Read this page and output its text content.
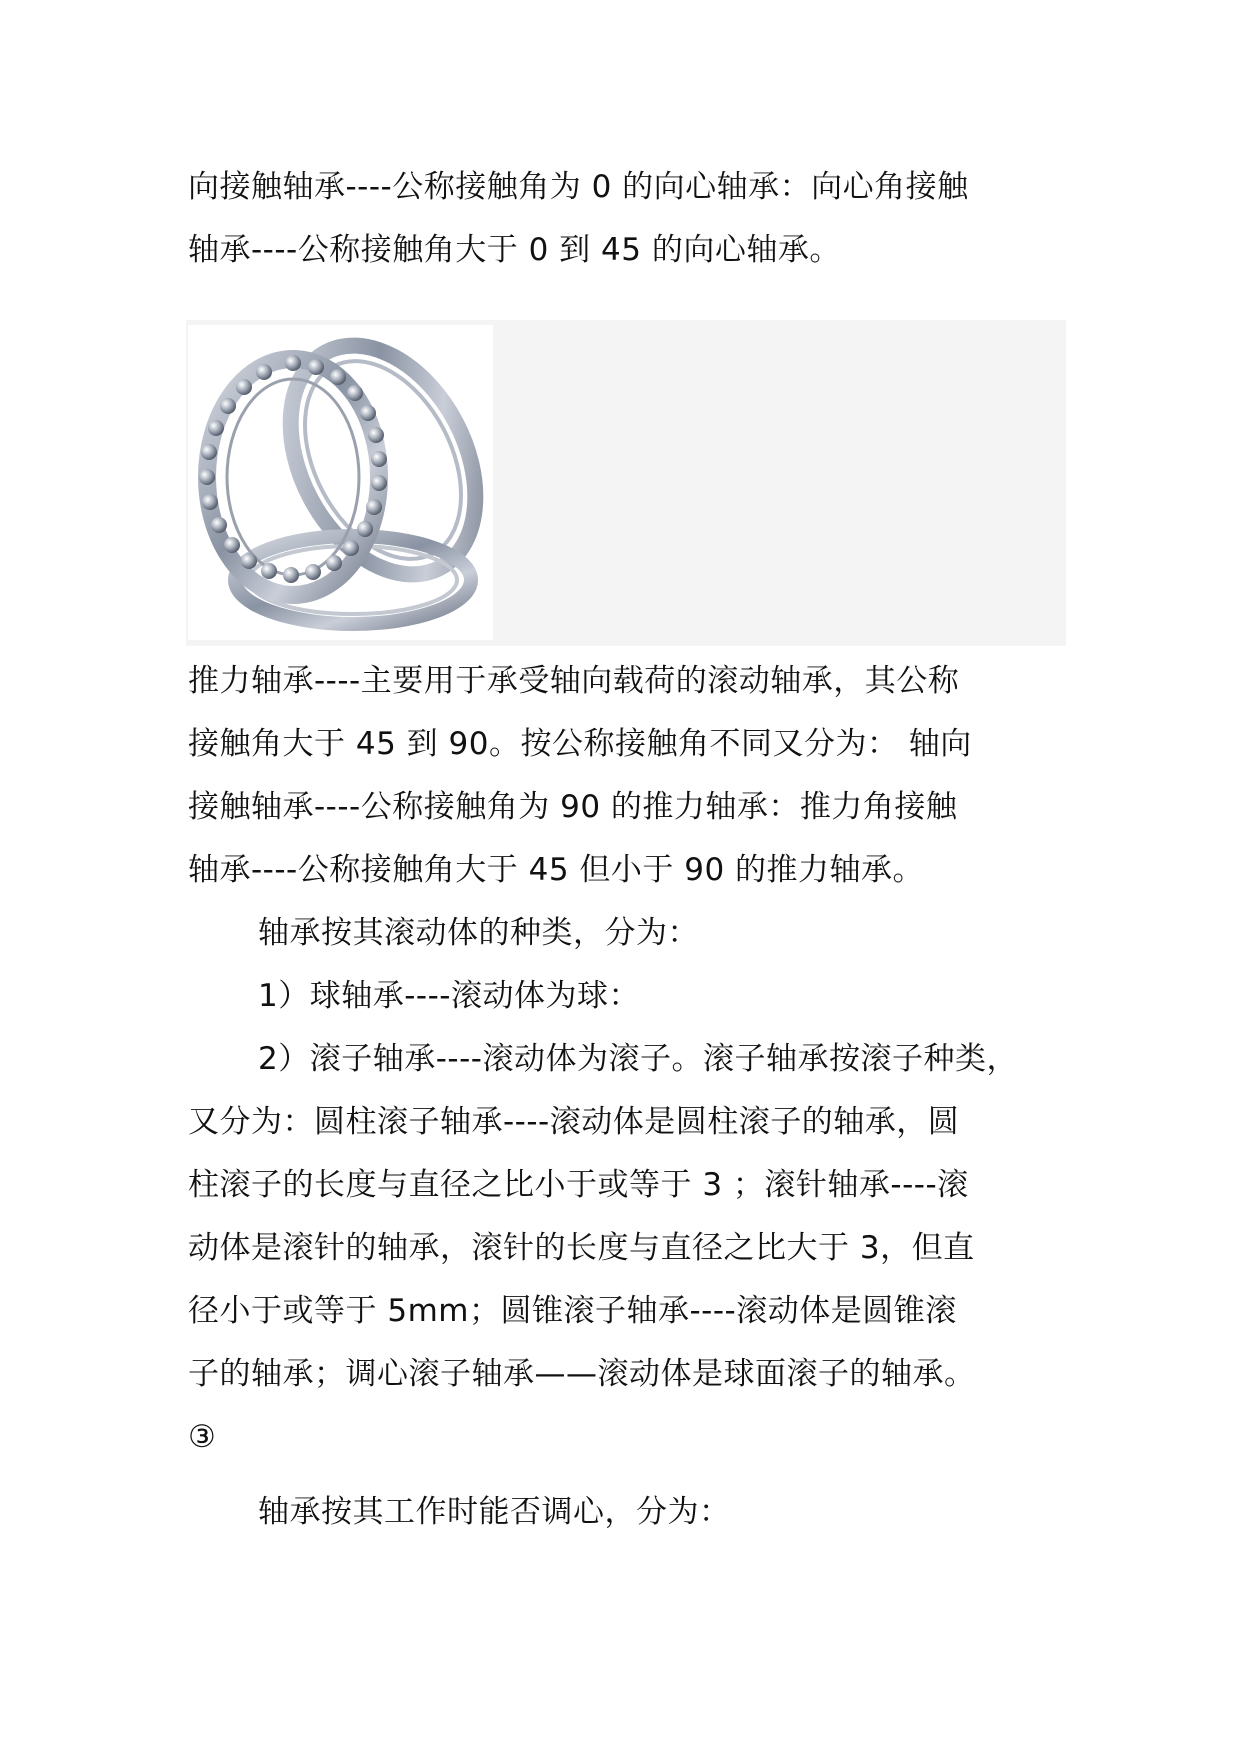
向接触轴承----公称接触角为 0 的向心轴承：向心角接触
轴承----公称接触角大于 0 到 45 的向心轴承。
推力轴承----主要用于承受轴向载荷的滚动轴承，其公称
接触角大于 45 到 90。按公称接触角不同又分为： 轴向
接触轴承----公称接触角为 90 的推力轴承：推力角接触
轴承----公称接触角大于 45 但小于 90 的推力轴承。
轴承按其滚动体的种类，分为：
1）球轴承----滚动体为球：
2）滚子轴承----滚动体为滚子。滚子轴承按滚子种类，
又分为：圆柱滚子轴承----滚动体是圆柱滚子的轴承，圆
柱滚子的长度与直径之比小于或等于 3 ；滚针轴承----滚
动体是滚针的轴承，滚针的长度与直径之比大于 3，但直
径小于或等于 5mm；圆锥滚子轴承----滚动体是圆锥滚
子的轴承；调心滚子轴承——滚动体是球面滚子的轴承。
③
轴承按其工作时能否调心，分为：
